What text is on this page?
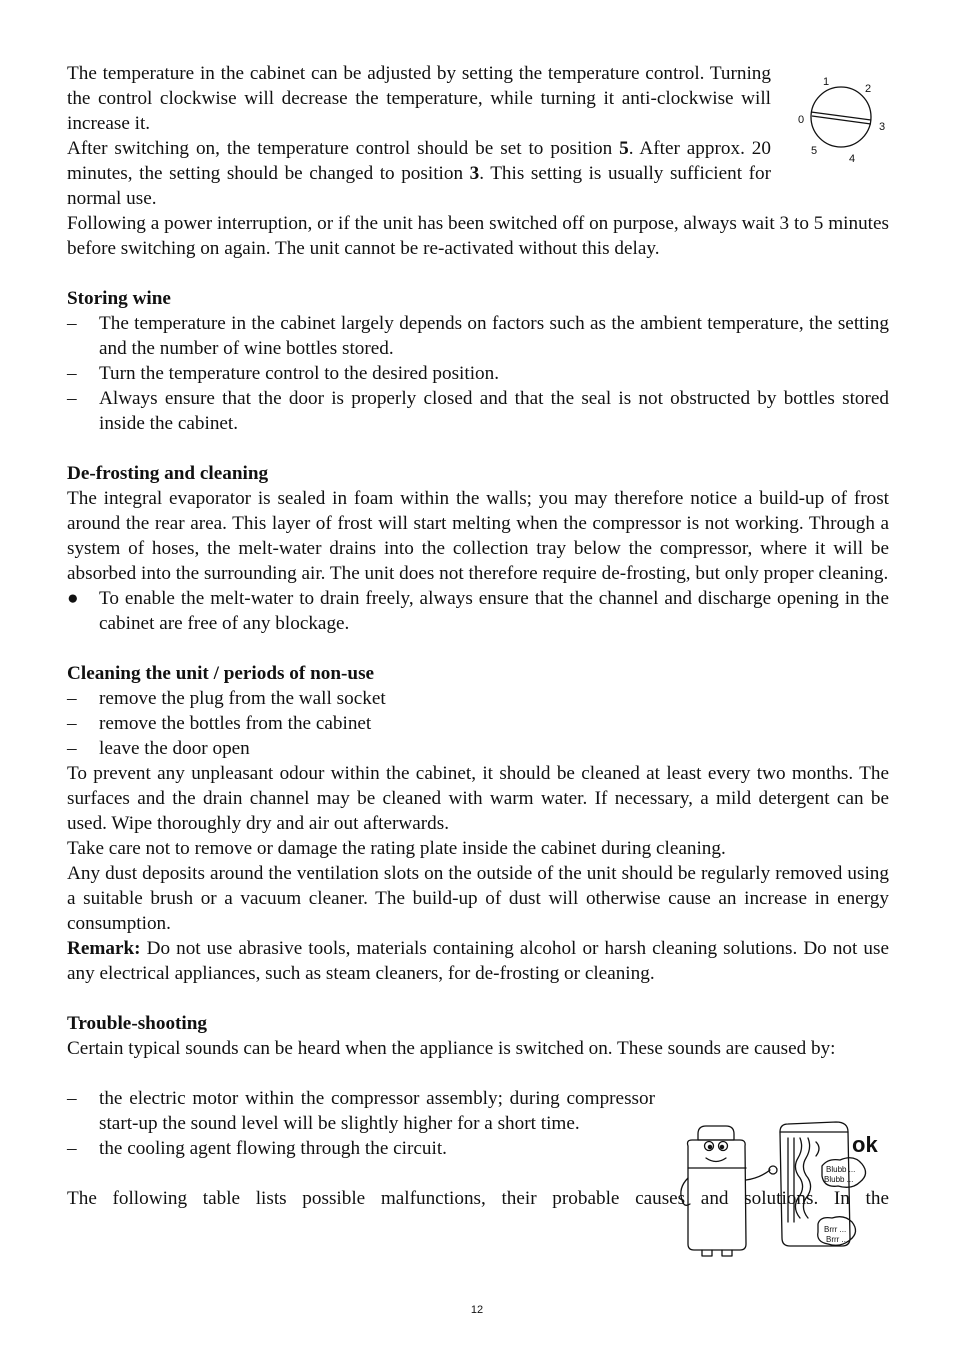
The temperature in the cabinet can be adjusted by setting the temperature control. Turning the control clockwise will decrease the temperature, while turning it anti-clockwise will increase it.

After switching on, the temperature control should be set to position 5. After approx. 20 minutes, the setting should be changed to position 3. This setting is usually sufficient for normal use.

Following a power interruption, or if the unit has been switched off on purpose, always wait 3 to 5 minutes before switching on again. The unit cannot be re-activated without this delay.

Storing wine

–	The temperature in the cabinet largely depends on factors such as the ambient temperature, the setting and the number of wine bottles stored.
–	Turn the temperature control to the desired position.
–	Always ensure that the door is properly closed and that the seal is not obstructed by bottles stored inside the cabinet.

De-frosting and cleaning

The integral evaporator is sealed in foam within the walls; you may therefore notice a build-up of frost around the rear area. This layer of frost will start melting when the compressor is not working. Through a system of hoses, the melt-water drains into the collection tray below the compressor, where it will be absorbed into the surrounding air. The unit does not therefore require de-frosting, but only proper cleaning.

●	To enable the melt-water to drain freely, always ensure that the channel and discharge opening in the cabinet are free of any blockage.

Cleaning the unit / periods of non-use

–	remove the plug from the wall socket
–	remove the bottles from the cabinet
–	leave the door open

To prevent any unpleasant odour within the cabinet, it should be cleaned at least every two months. The surfaces and the drain channel may be cleaned with warm water. If necessary, a mild detergent can be used. Wipe thoroughly dry and air out afterwards.

Take care not to remove or damage the rating plate inside the cabinet during cleaning.

Any dust deposits around the ventilation slots on the outside of the unit should be regularly removed using a suitable brush or a vacuum cleaner. The build-up of dust will otherwise cause an increase in energy consumption.

Remark: Do not use abrasive tools, materials containing alcohol or harsh cleaning solutions. Do not use any electrical appliances, such as steam cleaners, for de-frosting or cleaning.

Trouble-shooting

Certain typical sounds can be heard when the appliance is switched on. These sounds are caused by:

–	the electric motor within the compressor assembly; during compressor start-up the sound level will be slightly higher for a short time.
–	the cooling agent flowing through the circuit.

The following table lists possible malfunctions, their probable causes and solutions. In the

0
1
2
3
4
5
ok
Blubb ...
Blubb ...
Brrr ...
Brrr ...
12
